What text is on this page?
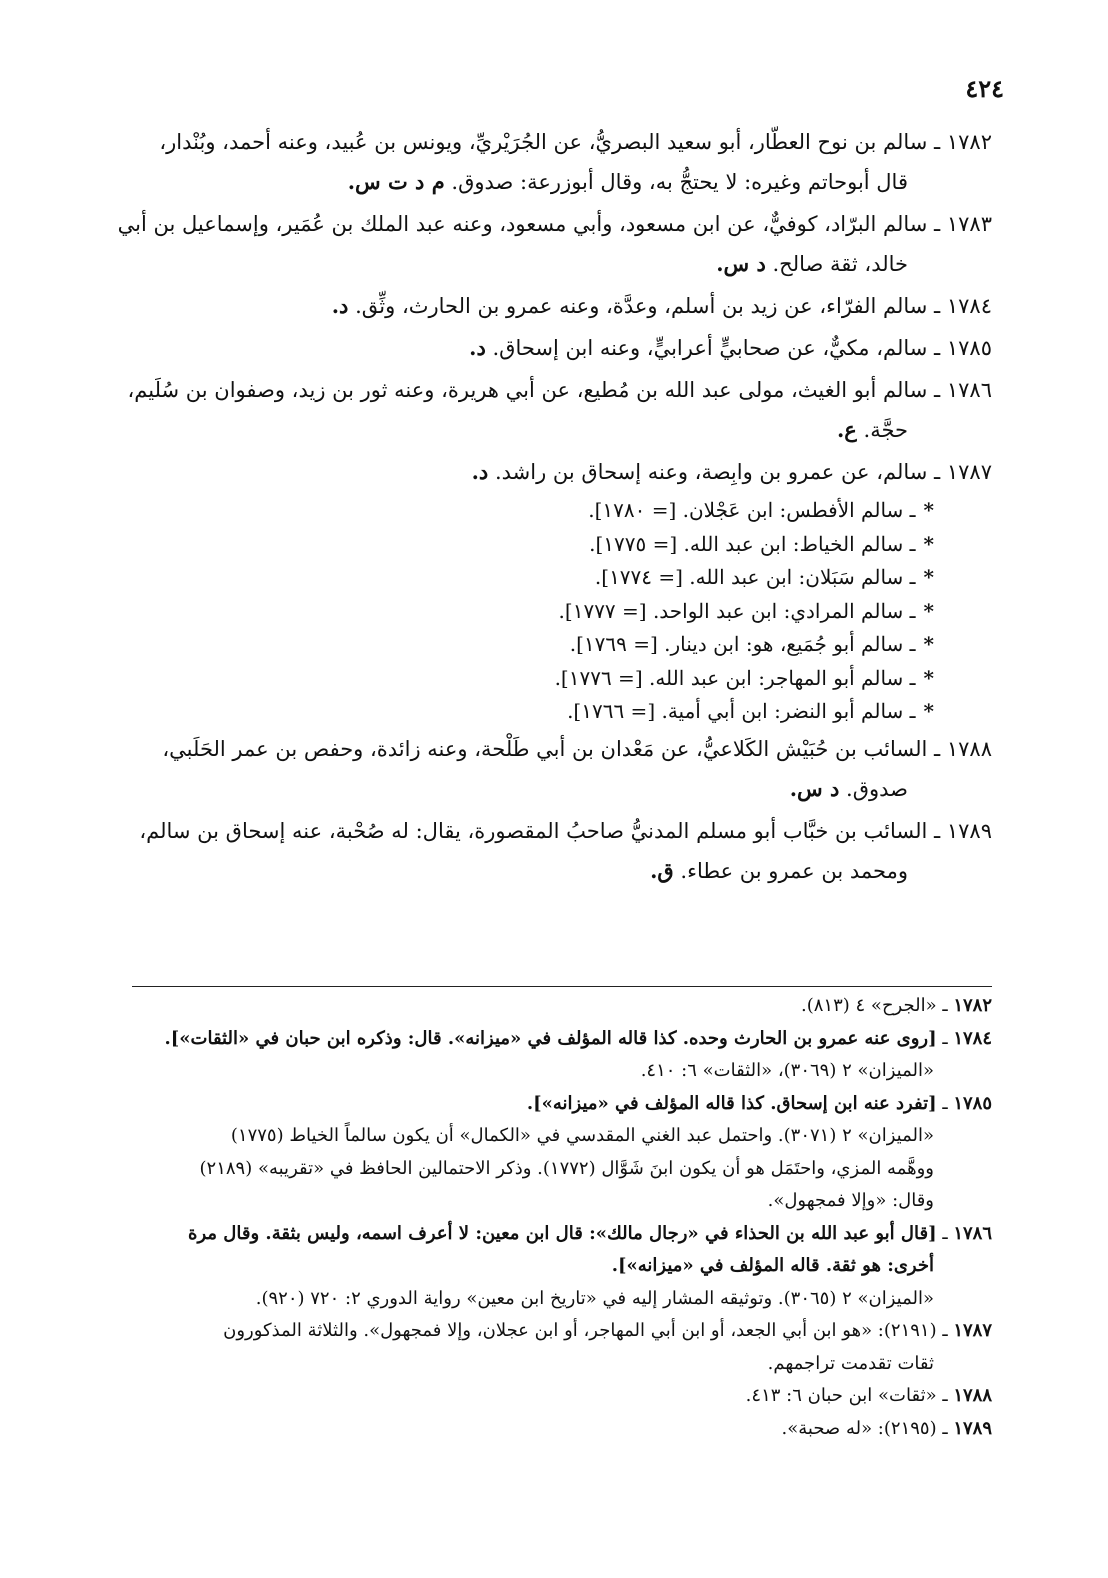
٤٢٤
١٧٨٢ ـ سالم بن نوح العطّار، أبو سعيد البصريُّ، عن الجُرَيْريِّ، ويونس بن عُبيد، وعنه أحمد، وبُنْدار،
قال أبوحاتم وغيره: لا يحتجُّ به، وقال أبوزرعة: صدوق. م د ت س.
١٧٨٣ ـ سالم البرّاد، كوفيٌّ، عن ابن مسعود، وأبي مسعود، وعنه عبد الملك بن عُمَير، وإسماعيل بن أبي
خالد، ثقة صالح. د س.
١٧٨٤ ـ سالم الفرّاء، عن زيد بن أسلم، وعدَّة، وعنه عمرو بن الحارث، وثِّق. د.
١٧٨٥ ـ سالم، مكيٌّ، عن صحابيٍّ أعرابيٍّ، وعنه ابن إسحاق. د.
١٧٨٦ ـ سالم أبو الغيث، مولى عبد الله بن مُطيع، عن أبي هريرة، وعنه ثور بن زيد، وصفوان بن سُلَيم،
حجَّة. ع.
١٧٨٧ ـ سالم، عن عمرو بن وابِصة، وعنه إسحاق بن راشد. د.
*ـ سالم الأفطس: ابن عَجْلان. [= ١٧٨٠].
*ـ سالم الخياط: ابن عبد الله. [= ١٧٧٥].
*ـ سالم سَبَلان: ابن عبد الله. [= ١٧٧٤].
*ـ سالم المرادي: ابن عبد الواحد. [= ١٧٧٧].
*ـ سالم أبو جُمَيع، هو: ابن دينار. [= ١٧٦٩].
*ـ سالم أبو المهاجر: ابن عبد الله. [= ١٧٧٦].
*ـ سالم أبو النضر: ابن أبي أمية. [= ١٧٦٦].
١٧٨٨ ـ السائب بن حُبَيْش الكَلاعيُّ، عن مَعْدان بن أبي طَلْحة، وعنه زائدة، وحفص بن عمر الحَلَبي،
صدوق. د س.
١٧٨٩ ـ السائب بن خبَّاب أبو مسلم المدنيُّ صاحبُ المقصورة، يقال: له صُحْبة، عنه إسحاق بن سالم،
ومحمد بن عمرو بن عطاء. ق.
١٧٨٢ ـ «الجرح» ٤ (٨١٣).
١٧٨٤ ـ [روى عنه عمرو بن الحارث وحده. كذا قاله المؤلف في «ميزانه». قال: وذكره ابن حبان في «الثقات»].
«الميزان» ٢ (٣٠٦٩)، «الثقات» ٦: ٤١٠.
١٧٨٥ ـ [تفرد عنه ابن إسحاق. كذا قاله المؤلف في «ميزانه»].
«الميزان» ٢ (٣٠٧١). واحتمل عبد الغني المقدسي في «الكمال» أن يكون سالماً الخياط (١٧٧٥)
ووهَّمه المزي، واحتَمَل هو أن يكون ابنَ شَوَّال (١٧٧٢). وذكر الاحتمالين الحافظ في «تقريبه» (٢١٨٩)
وقال: «وإلا فمجهول».
١٧٨٦ ـ [قال أبو عبد الله بن الحذاء في «رجال مالك»: قال ابن معين: لا أعرف اسمه، وليس بثقة. وقال مرة
أخرى: هو ثقة. قاله المؤلف في «ميزانه»].
«الميزان» ٢ (٣٠٦٥). وتوثيقه المشار إليه في «تاريخ ابن معين» رواية الدوري ٢: ٧٢٠ (٩٢٠).
١٧٨٧ ـ (٢١٩١): «هو ابن أبي الجعد، أو ابن أبي المهاجر، أو ابن عجلان، وإلا فمجهول». والثلاثة المذكورون
ثقات تقدمت تراجمهم.
١٧٨٨ ـ «ثقات» ابن حبان ٦: ٤١٣.
١٧٨٩ ـ (٢١٩٥): «له صحبة».
